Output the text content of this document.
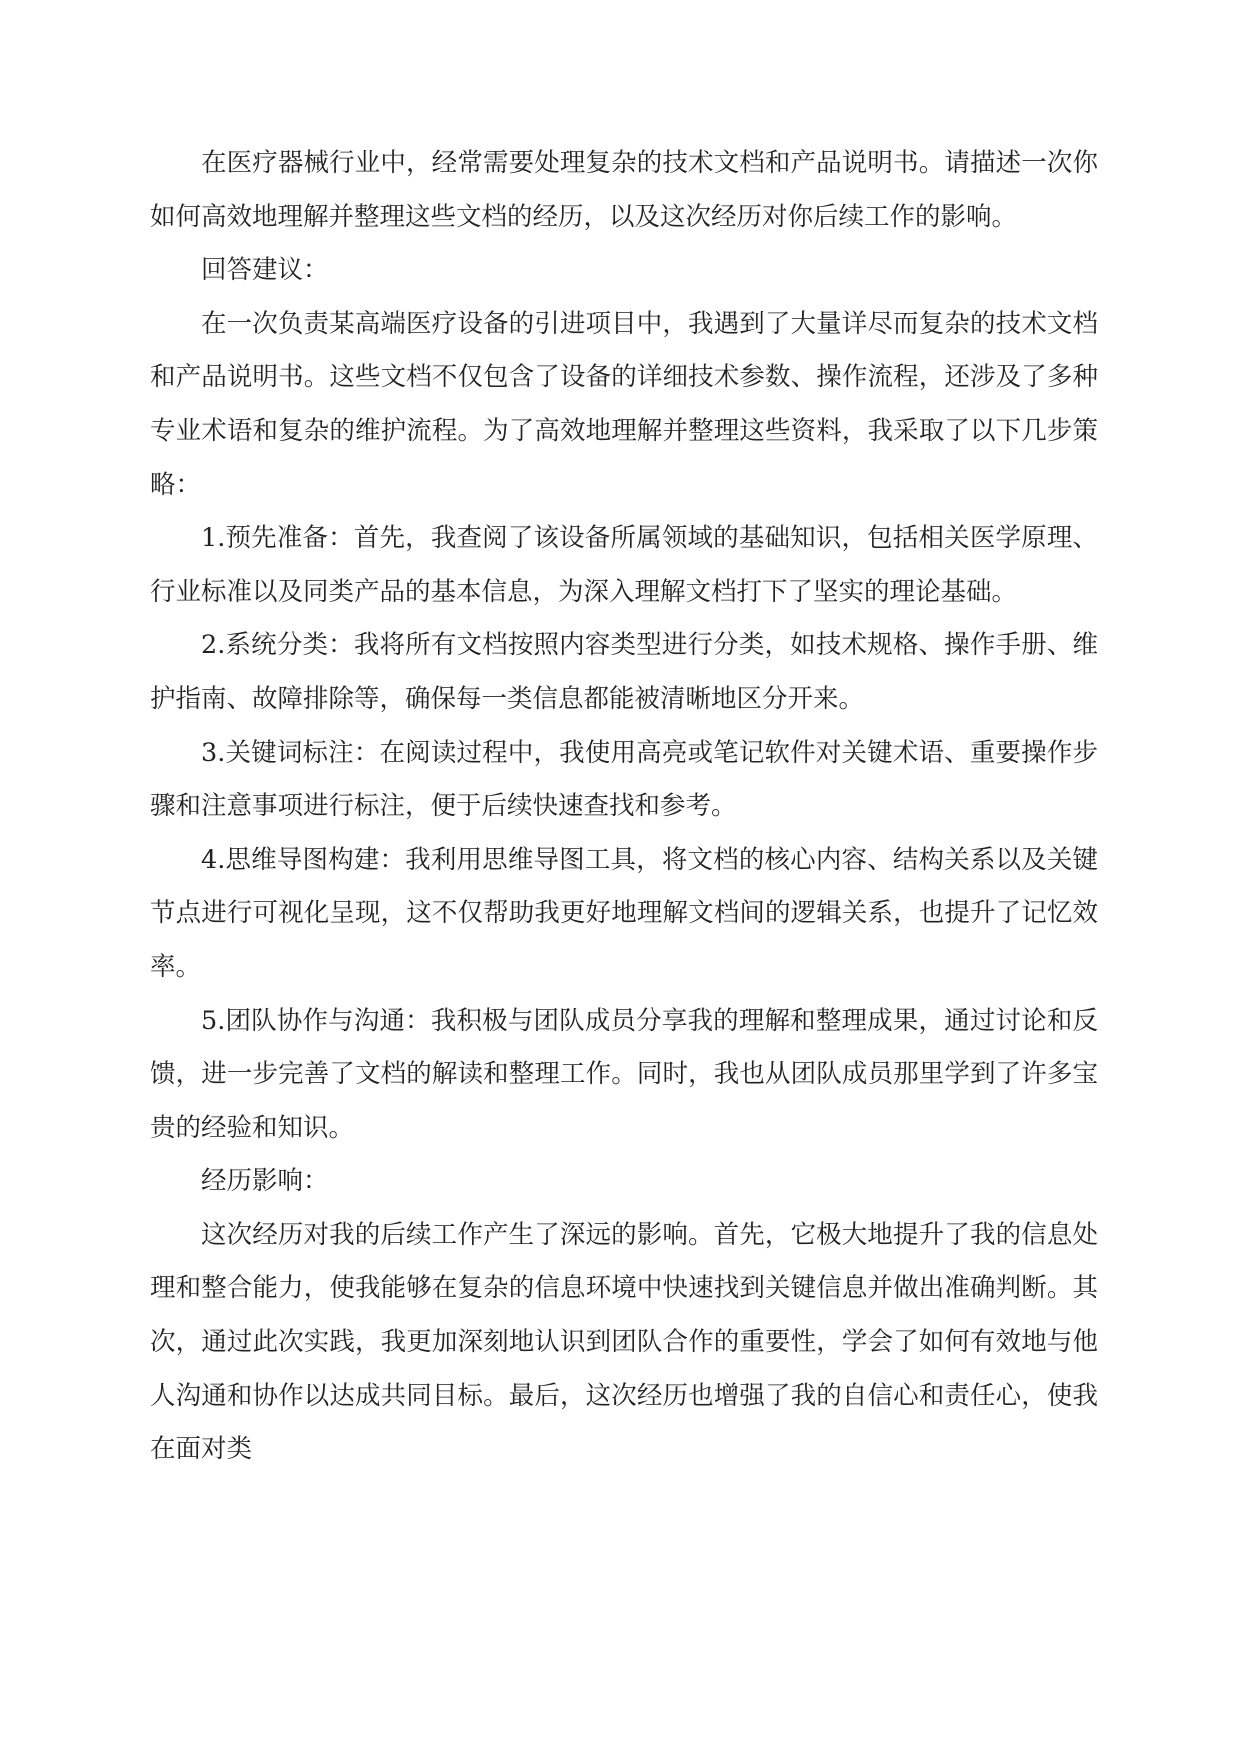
在医疗器械行业中，经常需要处理复杂的技术文档和产品说明书。请描述一次你如何高效地理解并整理这些文档的经历，以及这次经历对你后续工作的影响。

回答建议：

在一次负责某高端医疗设备的引进项目中，我遇到了大量详尽而复杂的技术文档和产品说明书。这些文档不仅包含了设备的详细技术参数、操作流程，还涉及了多种专业术语和复杂的维护流程。为了高效地理解并整理这些资料，我采取了以下几步策略：

1.预先准备：首先，我查阅了该设备所属领域的基础知识，包括相关医学原理、行业标准以及同类产品的基本信息，为深入理解文档打下了坚实的理论基础。

2.系统分类：我将所有文档按照内容类型进行分类，如技术规格、操作手册、维护指南、故障排除等，确保每一类信息都能被清晰地区分开来。

3.关键词标注：在阅读过程中，我使用高亮或笔记软件对关键术语、重要操作步骤和注意事项进行标注，便于后续快速查找和参考。

4.思维导图构建：我利用思维导图工具，将文档的核心内容、结构关系以及关键节点进行可视化呈现，这不仅帮助我更好地理解文档间的逻辑关系，也提升了记忆效率。

5.团队协作与沟通：我积极与团队成员分享我的理解和整理成果，通过讨论和反馈，进一步完善了文档的解读和整理工作。同时，我也从团队成员那里学到了许多宝贵的经验和知识。

经历影响：

这次经历对我的后续工作产生了深远的影响。首先，它极大地提升了我的信息处理和整合能力，使我能够在复杂的信息环境中快速找到关键信息并做出准确判断。其次，通过此次实践，我更加深刻地认识到团队合作的重要性，学会了如何有效地与他人沟通和协作以达成共同目标。最后，这次经历也增强了我的自信心和责任心，使我在面对类
